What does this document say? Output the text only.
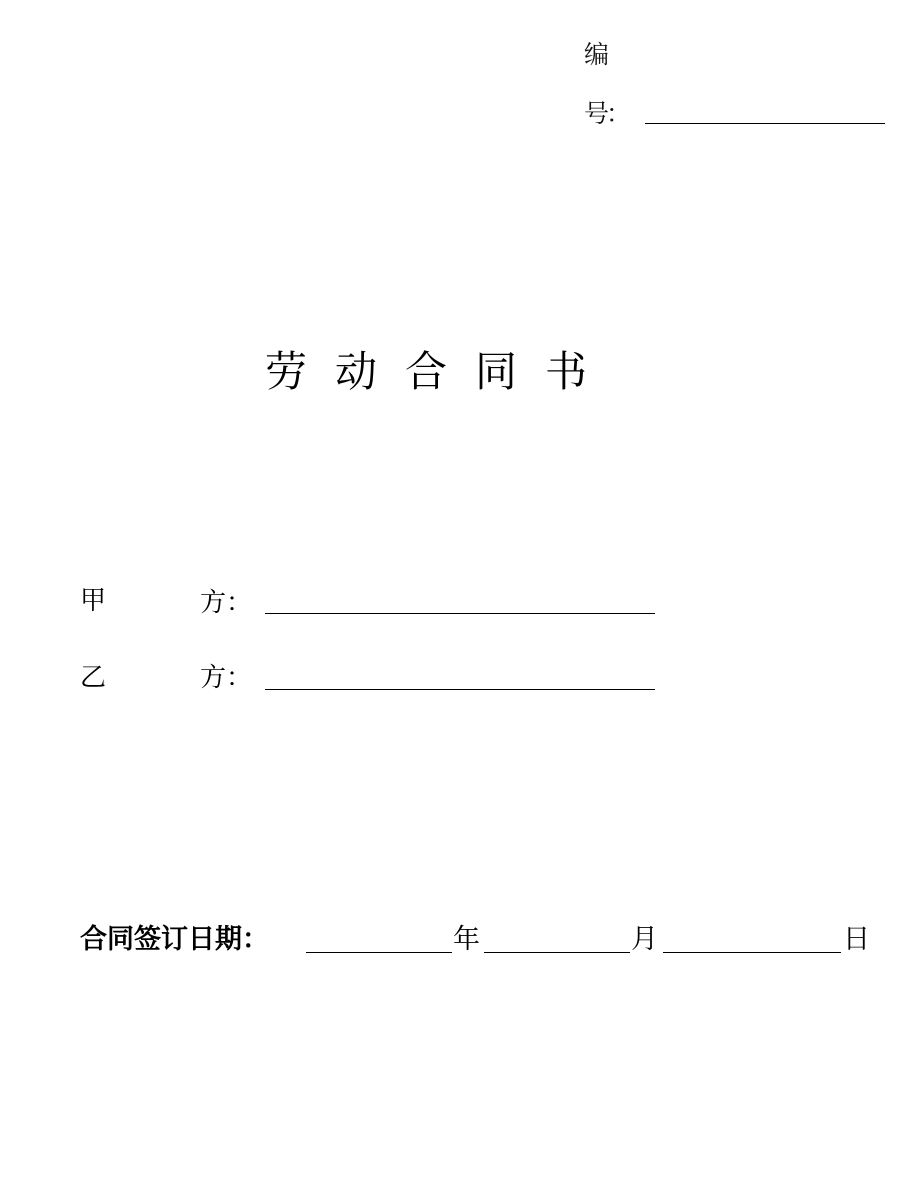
编
号
：
劳动合同书
甲	方 ：
乙	方 ：
合同签订日期：	年	月	日
